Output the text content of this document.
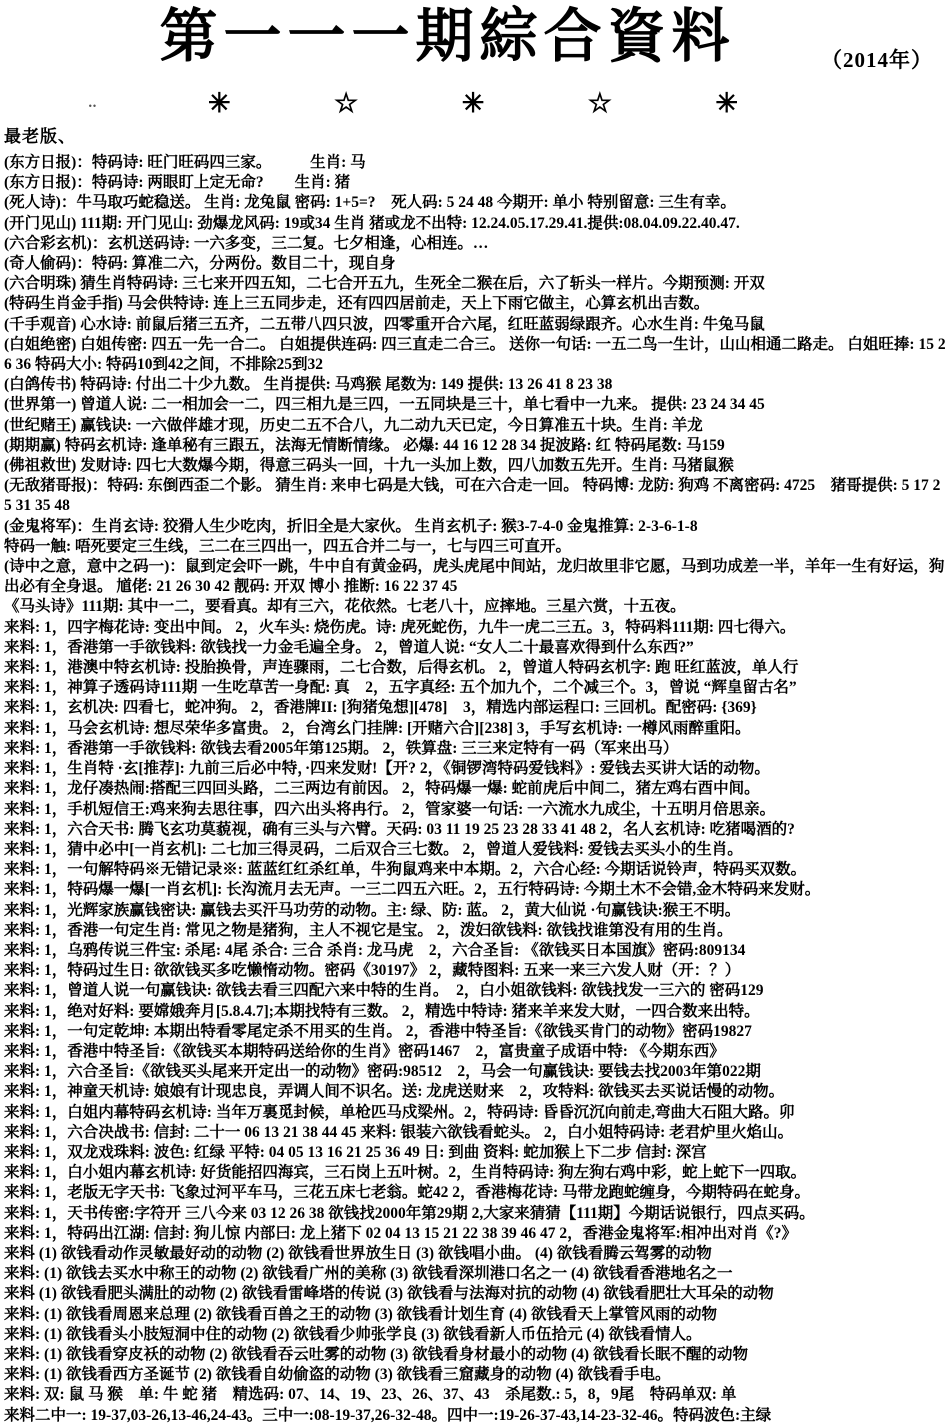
第一一一期綜合資料	（2014年）
‥	✳	☆	✳	☆	✳
最老版、
(东方日报)：特码诗: 旺门旺码四三家。　　　生肖: 马
(东方日报)：特码诗: 两眼盯上定无命?　　生肖: 猪
(死人诗)：牛马取巧蛇稳送。 生肖: 龙兔鼠 密码: 1+5=?　死人码: 5 24 48 今期开: 单小 特别留意: 三生有幸。
(开门见山) 111期: 开门见山: 劲爆龙风码: 19或34 生肖 猪或龙不出特: 12.24.05.17.29.41.提供:08.04.09.22.40.47.
(六合彩玄机)：玄机送码诗: 一六多变，三二复。七夕相逢，心相连。…
(奇人偷码)：特码: 算准二六，分两份。数目二十，现自身
(六合明珠) 猜生肖特码诗: 三七来开四五知，二七合开五九，生死全二猴在后，六了斩头一样片。今期预测: 开双
(特码生肖金手指) 马会供特诗: 连上三五同步走，还有四四居前走，天上下雨它做主，心算玄机出吉数。
(千手观音) 心水诗: 前鼠后猪三五齐，二五带八四只波，四零重开合六尾，红旺蓝弱绿跟齐。心水生肖: 牛兔马鼠
(白姐绝密) 白姐传密: 四五一先一合二。 白姐提供连码: 四三直走二合三。 送你一句话: 一五二鸟一生计，山山相通二路走。 白姐旺捧: 15 26 36 特码大小: 特码10到42之间，不排除25到32
(白鸽传书) 特码诗: 付出二十少九数。 生肖提供: 马鸡猴 尾数为: 149 提供: 13 26 41 8 23 38
(世界第一) 曾道人说: 二一相加会一二，四三相九是三四，一五同块是三十，单七看中一九来。 提供: 23 24 34 45
(世纪赌王) 赢钱诀: 一六做伴雄才现，历史二五不合八，九二动九天已定，今日算准五十块。生肖: 羊龙
(期期赢) 特码玄机诗: 逢单秘有三跟五，法海无情断情缘。 必爆: 44 16 12 28 34 捉波路: 红 特码尾数: 马159
(佛祖救世) 发财诗: 四七大数爆今期，得意三码头一回，十九一头加上数，四八加数五先开。生肖: 马猪鼠猴
(无敌猪哥报)：特码: 东倒西歪二个影。 猜生肖: 来申七码是大钱，可在六合走一回。 特码博: 龙防: 狗鸡 不离密码: 4725　猪哥提供: 5 17 25 31 35 48
(金鬼将军)：生肖玄诗: 狡猾人生少吃肉，折旧全是大家伙。 生肖玄机子: 猴3-7-4-0 金鬼推算: 2-3-6-1-8
特码一触: 唔死要定三生线，三二在三四出一，四五合并二与一，七与四三可直开。
(诗中之意，意中之码一)：鼠到定会吓一跳，牛中自有黄金码，虎头虎尾中间站，龙归故里非它愿，马到功成差一半，羊年一生有好运，狗出必有全身退。 馗佬: 21 26 30 42 靓码: 开双 博小 推断: 16 22 37 45
《马头诗》111期: 其中一二，要看真。却有三六，花依然。七老八十，应摔地。三星六赏，十五夜。
来料: 1，四字梅花诗: 变出中间。 2，火车头: 烧伤虎。诗: 虎死蛇伤，九牛一虎二三五。3，特码料111期: 四七得六。
来料: 1，香港第一手欲钱料: 欲钱找一力金毛遍全身。 2，曾道人说: “女人二十最喜欢得到什么东西?”
来料: 1，港澳中特玄机诗: 投胎换骨，声连骤雨，二七合数，后得玄机。 2，曾道人特码玄机字: 跑 旺红蓝波，单人行
来料: 1，神算子透码诗111期 一生吃草苦一身配: 真　2，五字真经: 五个加九个，二个减三个。3，曾说 “辉皇留古名”
来料: 1，玄机决: 四看七，蛇冲狗。 2，香港牌II: [狗猪兔想][478]　3，精选内部运程口: 三回机。配密码: {369}
来料: 1，马会玄机诗: 想尽荣华多富贵。 2，台湾幺门挂牌: [开赌六合][238] 3，手写玄机诗: 一樽风雨醉重阳。
来料: 1，香港第一手欲钱料: 欲钱去看2005年第125期。 2，铁算盘: 三三来定特有一码（军来出马）
来料: 1，生肖特 ·玄[推荐]: 九前三后必中特，·四来发财!【开? 2，《铜锣湾特码爱钱料》: 爱钱去买讲大话的动物。
来料: 1，龙仔凑热闹:搭配三四回头路，二三两边有前因。 2，特码爆一爆: 蛇前虎后中间二，猪左鸡右酉中间。
来料: 1，手机短信王:鸡来狗去思往事，四六出头将冉行。 2，管家婆一句话: 一六流水九成尘，十五明月倍思亲。
来料: 1，六合天书: 腾飞玄功莫藐视，确有三头与六臂。天码: 03 11 19 25 23 28 33 41 48 2，名人玄机诗: 吃猪喝酒的?
来料: 1，猜中必中[一肖玄机]: 二七加三得灵码，二后双合三七数。 2，曾道人爱钱料: 爱钱去买头小的生肖。
来料: 1，一句解特码※无错记录※: 蓝蓝红红杀红单，牛狗鼠鸡来中本期。2，六合心经: 今期话说铃声，特码买双数。
来料: 1，特码爆一爆[一肖玄机]: 长沟流月去无声。一三二四五六旺。2，五行特码诗: 今期土木不会错,金木特码来发财。
来料: 1，光辉家族赢钱密诀: 赢钱去买汗马功劳的动物。主: 绿、防: 蓝。 2，黄大仙说 ·句赢钱诀:猴王不明。
来料: 1，香港一句定生肖: 常见之物是猪狗，主人不视它是宝。 2，泼妇欲钱料: 欲钱找谁第没有用的生肖。
来料: 1，乌鸦传说三件宝: 杀尾: 4尾 杀合: 三合 杀肖: 龙马虎　2，六合圣旨: 《欲钱买日本国旗》密码:809134
来料: 1，特码过生日: 欲欲钱买多吃懒惰动物。密码《30197》 2，藏特图料: 五来一来三六发人财（开：？）
来料: 1，曾道人说一句赢钱诀: 欲钱去看三四配六来中特的生肖。　2，白小姐欲钱料: 欲钱找发一三六的 密码129
来料: 1，绝对好料: 要嫦娥奔月[5.8.4.7];本期找特有三数。 2，精选中特诗: 猪来羊来发大财，一四合数来出特。
来料: 1，一句定乾坤: 本期出特看零尾定杀不用买的生肖。 2，香港中特圣旨:《欲钱买肯门的动物》密码19827
来料: 1，香港中特圣旨:《欲钱买本期特码送给你的生肖》密码1467　2，富贵童子成语中特: 《今期东西》
来料: 1，六合圣旨:《欲钱买头尾来开定出一的动物》密码:98512　2，马会一句赢钱诀: 要钱去找2003年第022期
来料: 1，神童天机诗: 娘娘有计现忠良，弄调人间不识名。送: 龙虎送财来　2，攻特料: 欲钱买去买说话慢的动物。
来料: 1，白姐内幕特码玄机诗: 当年万裏觅封候，单枪匹马戍梁州。2，特码诗: 昏昏沉沉向前走,弯曲大石阻大路。卯
来料: 1，六合决战书: 信封: 二十一 06 13 21 38 44 45 来料: 银装六欲钱看蛇头。 2，白小姐特码诗: 老君炉里火焰山。
来料: 1，双龙戏珠料: 波色: 红绿 平特: 04 05 13 16 21 25 36 49 日: 到曲 资料: 蛇加猴上下二步 信封: 深宫
来料: 1，白小姐内幕玄机诗: 好货能招四海宾，三石岗上五叶树。2，生肖特码诗: 狗左狗右鸡中彩，蛇上蛇下一四取。
来料: 1，老版无字天书: 飞象过河平车马，三花五床七老翁。蛇42 2，香港梅花诗: 马带龙跑蛇缠身，今期特码在蛇身。
来料: 1，天书传密:字符开 三八今来 03 12 26 38 欲钱找2000年第29期 2,大家来猜猜【111期】今期话说银行，四点买码。
来料: 1，特码出江湖: 信封: 狗儿惊 内部曰: 龙上猪下 02 04 13 15 21 22 38 39 46 47 2，香港金鬼将军:相冲出对肖《?》
来料 (1) 欲钱看动作灵敏最好动的动物 (2) 欲钱看世界放生日 (3) 欲钱唱小曲。 (4) 欲钱看腾云驾雾的动物
来料: (1) 欲钱去买水中称王的动物 (2) 欲钱看广州的美称 (3) 欲钱看深圳港口名之一 (4) 欲钱看香港地名之一
来料 (1) 欲钱看肥头满肚的动物 (2) 欲钱看雷峰塔的传说 (3) 欲钱看与法海对抗的动物 (4) 欲钱看肥壮大耳朵的动物
来料: (1) 欲钱看周恩来总理 (2) 欲钱看百兽之王的动物 (3) 欲钱看计划生育 (4) 欲钱看天上掌管风雨的动物
来料: (1) 欲钱看头小肢短洞中住的动物 (2) 欲钱看少帅张学良 (3) 欲钱看新人币伍拾元 (4) 欲钱看情人。
来料: (1) 欲钱看穿皮袄的动物 (2) 欲钱看吞云吐雾的动物 (3) 欲钱看身材最小的动物 (4) 欲钱看长眠不醒的动物
来料: (1) 欲钱看西方圣诞节 (2) 欲钱看自幼偷盗的动物 (3) 欲钱看三窟藏身的动物 (4) 欲钱看手电。
来料: 双: 鼠 马 猴　单: 牛 蛇 猪　精选码: 07、14、19、23、26、37、43　杀尾数.: 5，8，9尾　特码单双: 单
来料二中一: 19-37,03-26,13-46,24-43。三中一:08-19-37,26-32-48。四中一:19-26-37-43,14-23-32-46。特码波色:主绿
